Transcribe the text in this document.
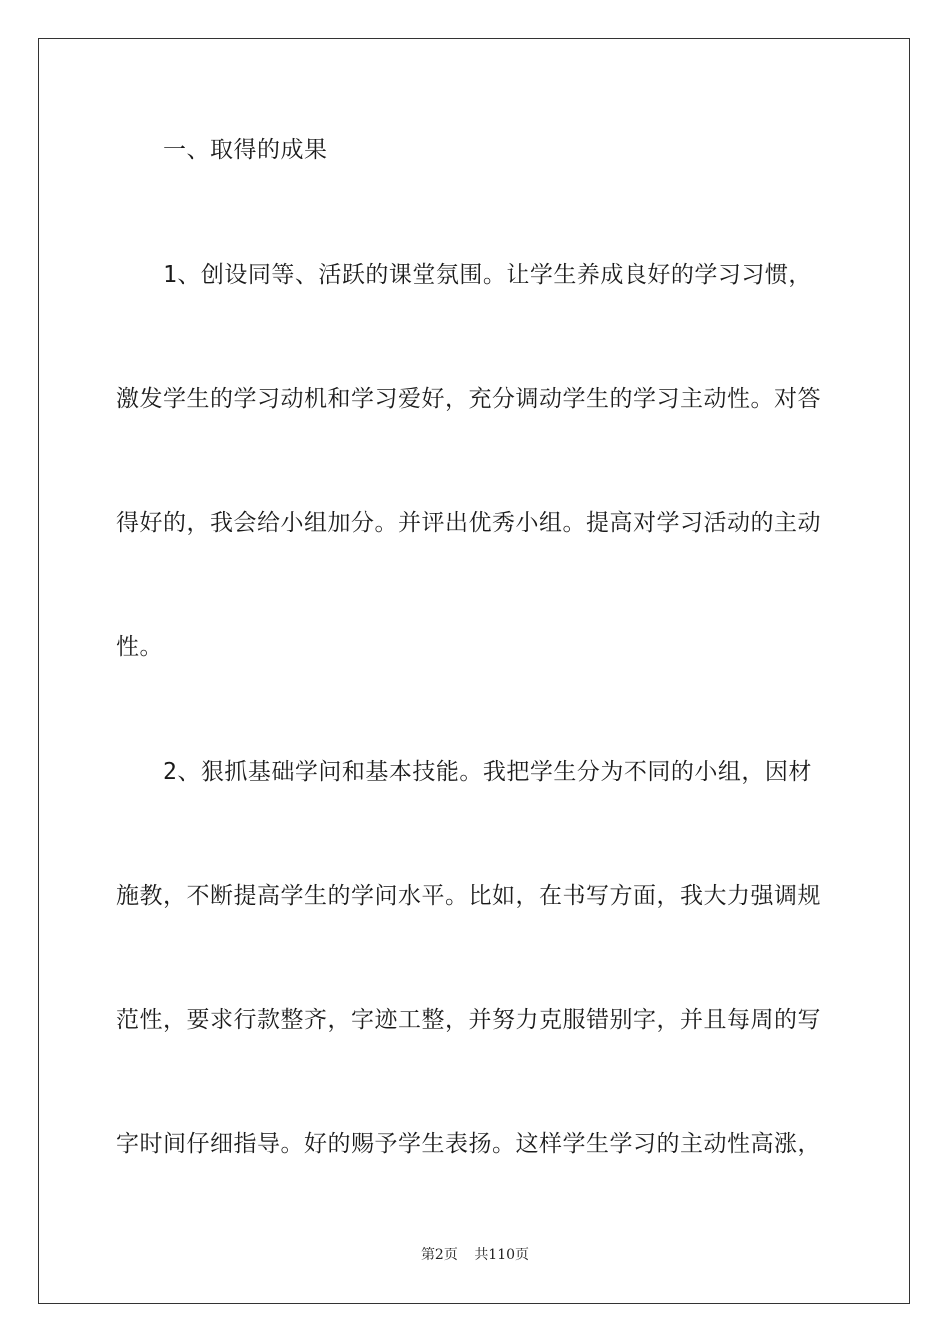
一、取得的成果
1、创设同等、活跃的课堂氛围。让学生养成良好的学习习惯，
激发学生的学习动机和学习爱好，充分调动学生的学习主动性。对答
得好的，我会给小组加分。并评出优秀小组。提高对学习活动的主动
性。
2、狠抓基础学问和基本技能。我把学生分为不同的小组，因材
施教，不断提高学生的学问水平。比如，在书写方面，我大力强调规
范性，要求行款整齐，字迹工整，并努力克服错别字，并且每周的写
字时间仔细指导。好的赐予学生表扬。这样学生学习的主动性高涨，
第2页 共110页
